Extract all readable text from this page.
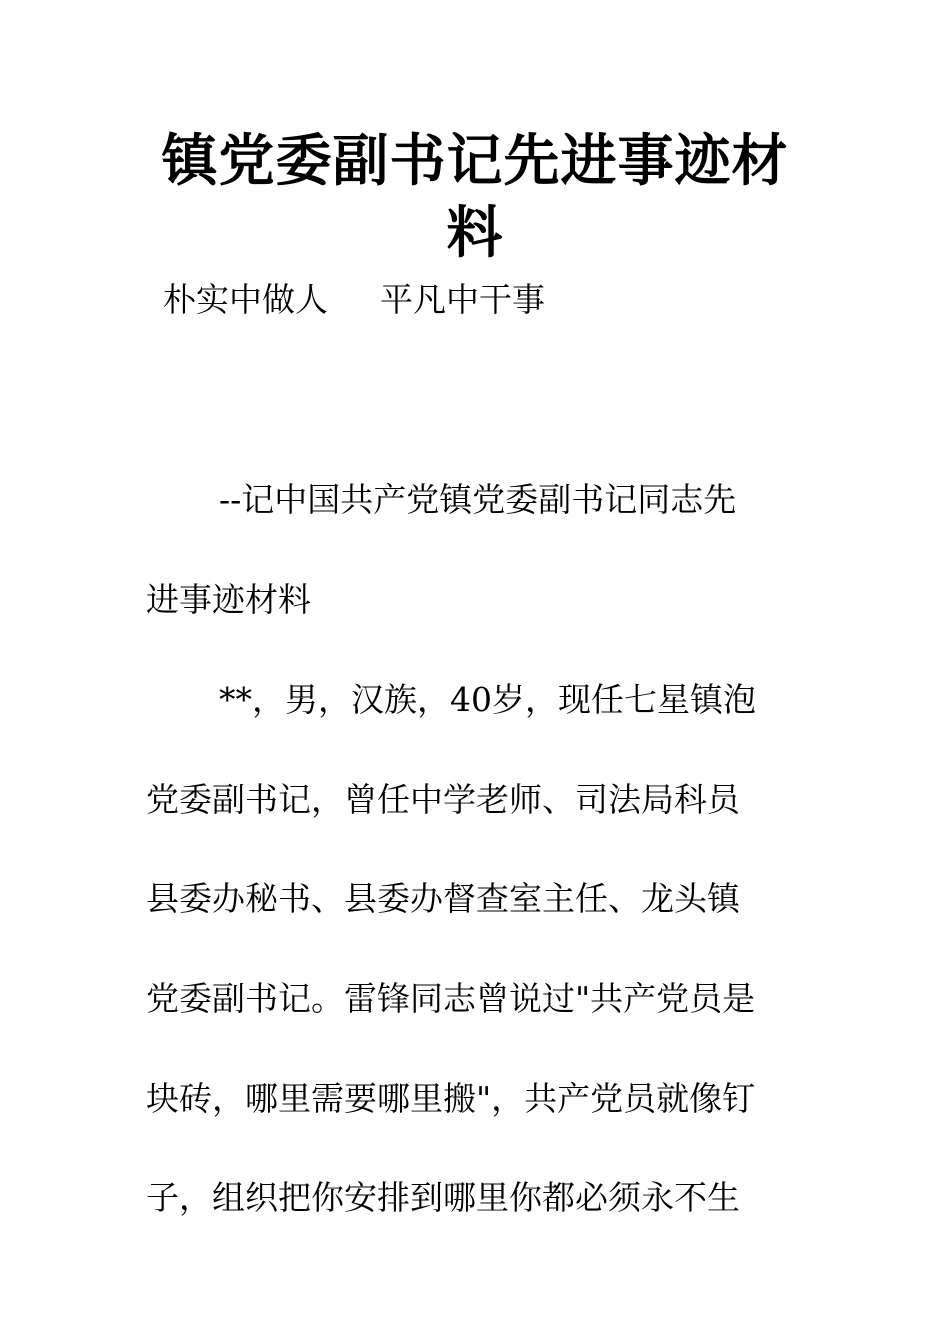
镇党委副书记先进事迹材
料

朴实中做人 平凡中干事

--记中国共产党镇党委副书记同志先

进事迹材料

**，男，汉族，40岁，现任七星镇泡

党委副书记，曾任中学老师、司法局科员

县委办秘书、县委办督查室主任、龙头镇

党委副书记。雷锋同志曾说过"共产党员是

块砖，哪里需要哪里搬"，共产党员就像钉

子，组织把你安排到哪里你都必须永不生
